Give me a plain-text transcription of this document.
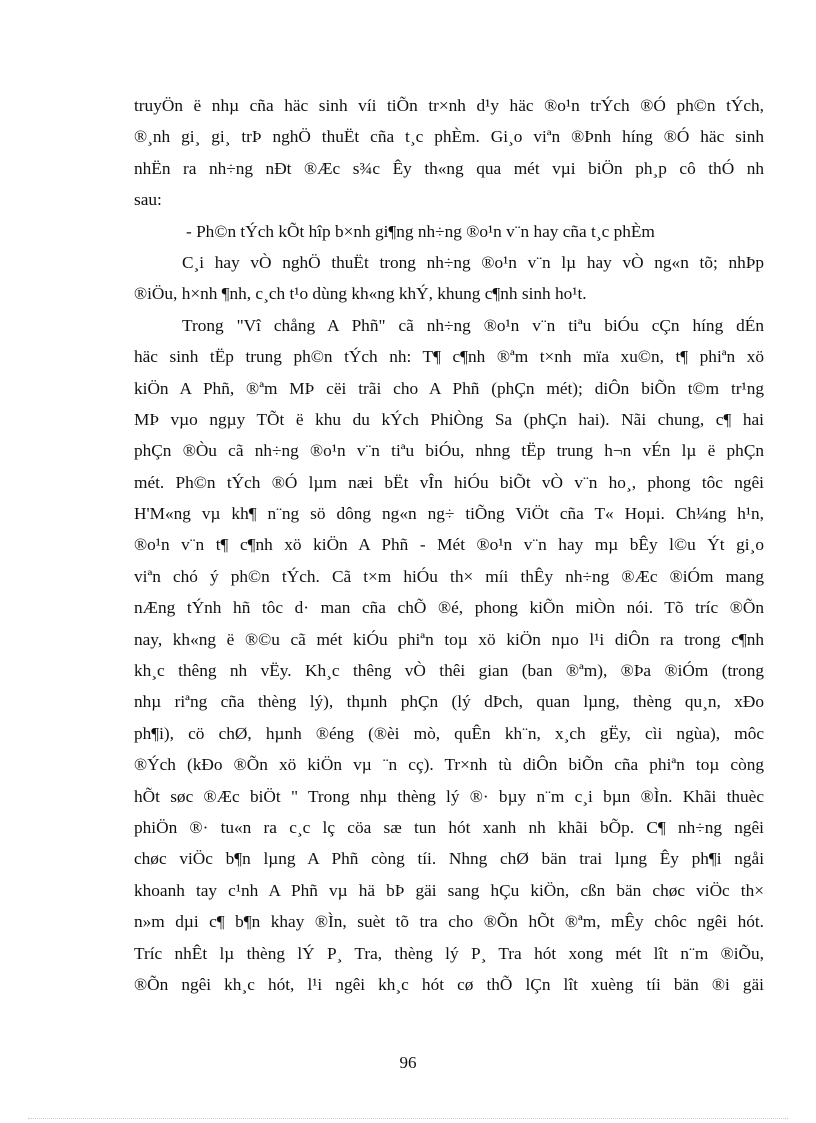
truyÖn ë nhµ cña häc sinh víi tiÕn tr×nh d¹y häc ®o¹n trÝch ®Ó ph©n tÝch,
®¸nh gi¸ gi¸ trÞ nghÖ thuËt cña t¸c phÈm. Gi¸o viªn ®Þnh híng ®Ó häc sinh
nhËn ra nh÷ng nÐt ®Æc s¾c Êy th«ng qua mét vµi biÖn ph¸p cô thÓ nh
sau:
- Ph©n tÝch kÕt hîp b×nh gi¶ng nh÷ng ®o¹n v¨n hay cña t¸c phÈm
C¸i hay vÒ nghÖ thuËt trong nh÷ng ®o¹n v¨n lµ hay vÒ ng«n tõ; nhÞp
®iÖu, h×nh ¶nh, c¸ch t¹o dùng kh«ng khÝ, khung c¶nh sinh ho¹t.
Trong "Vî chång A Phñ" cã nh÷ng ®o¹n v¨n tiªu biÓu cÇn híng dÉn
häc sinh tËp trung ph©n tÝch nh: T¶ c¶nh ®ªm t×nh mïa xu©n, t¶ phiªn xö
kiÖn A Phñ, ®ªm MÞ cëi trãi cho A Phñ (phÇn mét); diÔn biÕn t©m tr¹ng
MÞ vµo ngµy TÕt ë khu du kÝch PhiÒng Sa (phÇn hai). Nãi chung, c¶ hai
phÇn ®Òu cã nh÷ng ®o¹n v¨n tiªu biÓu, nhng tËp trung h¬n vÉn lµ ë phÇn
mét. Ph©n tÝch ®Ó lµm næi bËt vÎn hiÓu biÕt vÒ v¨n ho¸, phong tôc ngêi
H'M«ng vµ kh¶ n¨ng sö dông ng«n ng÷ tiÕng ViÖt cña T« Hoµi. Ch¼ng h¹n,
®o¹n v¨n t¶ c¶nh xö kiÖn A Phñ - Mét ®o¹n v¨n hay mµ bÊy l©u Ýt gi¸o
viªn chó ý ph©n tÝch. Cã t×m hiÓu th× míi thÊy nh÷ng ®Æc ®iÓm mang
nÆng tÝnh hñ tôc d· man cña chÕ ®é, phong kiÕn miÒn nói. Tõ tríc ®Õn
nay, kh«ng ë ®©u cã mét kiÓu phiªn toµ xö kiÖn nµo l¹i diÔn ra trong c¶nh
kh¸c thêng nh vËy. Kh¸c thêng vÒ thêi gian (ban ®ªm), ®Þa ®iÓm (trong
nhµ riªng cña thèng lý), thµnh phÇn (lý dÞch, quan lµng, thèng qu¸n, xÐo
ph¶i), cö chØ, hµnh ®éng (®èi mò, quÊn kh¨n, x¸ch gËy, cìi ngùa), môc
®Ých (kÐo ®Õn xö kiÖn vµ ¨n cç). Tr×nh tù diÔn biÕn cña phiªn toµ còng
hÕt søc ®Æc biÖt " Trong nhµ thèng lý ®· bµy n¨m c¸i bµn ®Ìn. Khãi thuèc
phiÖn ®· tu«n ra c¸c lç cöa sæ tun hót xanh nh khãi bÕp. C¶ nh÷ng ngêi
chøc viÖc b¶n lµng A Phñ còng tíi. Nhng chØ bän trai lµng Êy ph¶i ngåi
khoanh tay c¹nh A Phñ vµ hä bÞ gäi sang hÇu kiÖn, cßn bän chøc viÖc th×
n»m dµi c¶ b¶n khay ®Ìn, suèt tõ tra cho ®Õn hÕt ®ªm, mÊy chôc ngêi hót.
Tríc nhÊt lµ thèng lÝ P¸ Tra, thèng lý P¸ Tra hót xong mét lît n¨m ®iÕu,
®Õn ngêi kh¸c hót, l¹i ngêi kh¸c hót cø thÕ lÇn lît xuèng tíi bän ®i gäi
96
